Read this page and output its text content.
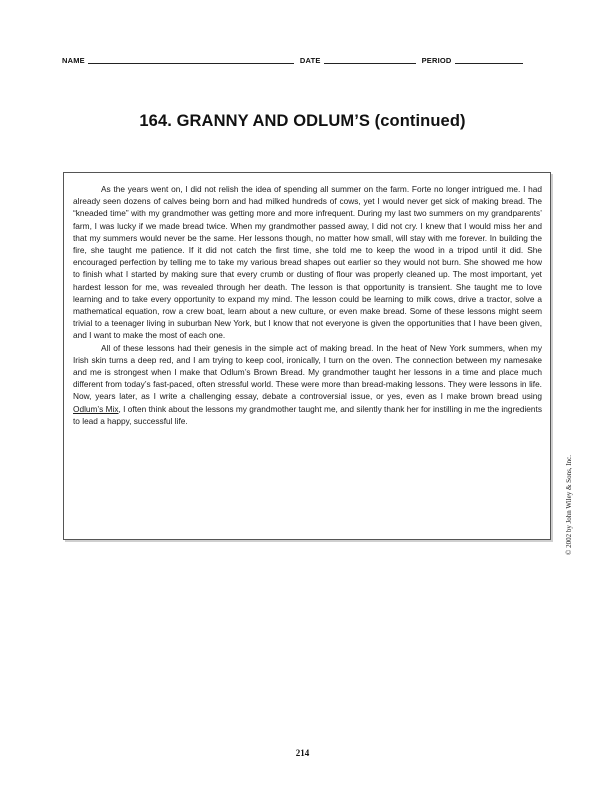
NAME	DATE	PERIOD
164. GRANNY AND ODLUM’S (continued)

As the years went on, I did not relish the idea of spending all summer on the farm. Forte no longer intrigued me. I had already seen dozens of calves being born and had milked hundreds of cows, yet I would never get sick of making bread. The “kneaded time” with my grandmother was getting more and more infrequent. During my last two summers on my grandparents’ farm, I was lucky if we made bread twice. When my grandmother passed away, I did not cry. I knew that I would miss her and that my summers would never be the same. Her lessons though, no matter how small, will stay with me forever. In building the fire, she taught me patience. If it did not catch the first time, she told me to keep the wood in a tripod until it did. She encouraged perfection by telling me to take my various bread shapes out earlier so they would not burn. She showed me how to finish what I started by making sure that every crumb or dusting of flour was properly cleaned up. The most important, yet hardest lesson for me, was revealed through her death. The lesson is that opportunity is transient. She taught me to love learning and to take every opportunity to expand my mind. The lesson could be learning to milk cows, drive a tractor, solve a mathematical equation, row a crew boat, learn about a new culture, or even make bread. Some of these lessons might seem trivial to a teenager living in suburban New York, but I know that not everyone is given the opportunities that I have been given, and I want to make the most of each one.

All of these lessons had their genesis in the simple act of making bread. In the heat of New York summers, when my Irish skin turns a deep red, and I am trying to keep cool, ironically, I turn on the oven. The connection between my namesake and me is strongest when I make that Odlum’s Brown Bread. My grandmother taught her lessons in a time and place much different from today’s fast-paced, often stressful world. These were more than bread-making lessons. They were lessons in life. Now, years later, as I write a challenging essay, debate a controversial issue, or yes, even as I make brown bread using Odlum’s Mix, I often think about the lessons my grandmother taught me, and silently thank her for instilling in me the ingredients to lead a happy, successful life.

© 2002 by John Wiley & Sons, Inc.
214
